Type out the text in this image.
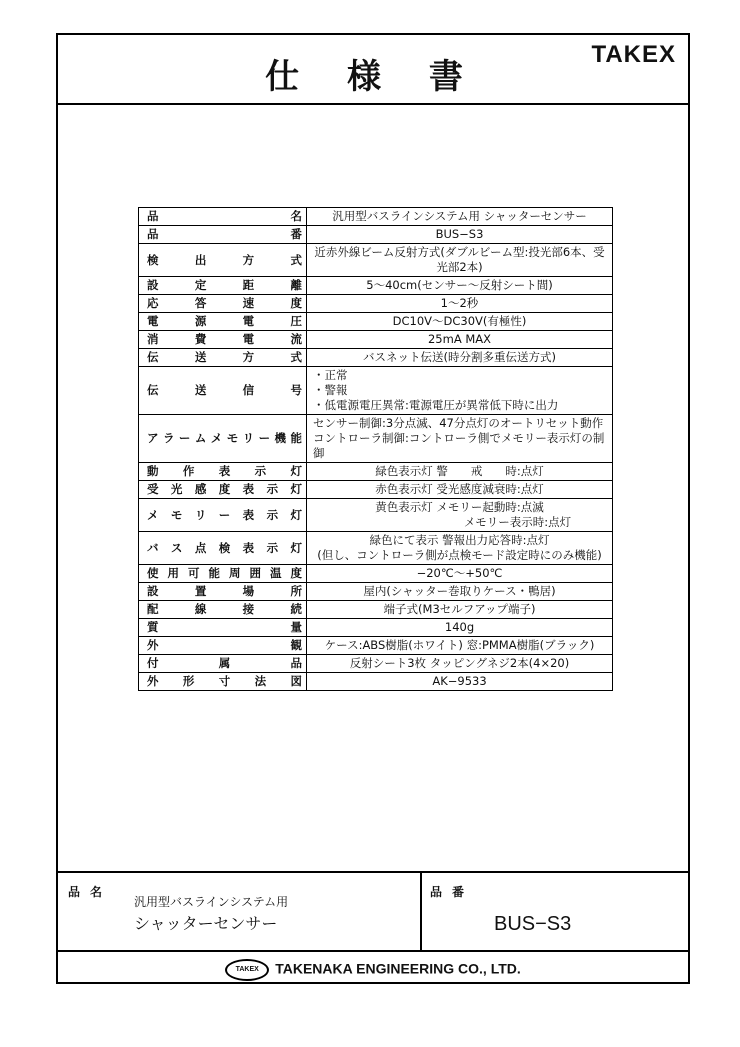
仕 様 書
TAKEX
品名	汎用型バスラインシステム用 シャッターセンサー

品番	BUS−S3

検出方式	近赤外線ビーム反射方式(ダブルビーム型:投光部6本、受光部2本)

設定距離	5〜40cm(センサー〜反射シート間)

応答速度	1〜2秒

電源電圧	DC10V〜DC30V(有極性)

消費電流	25mA MAX

伝送方式	バスネット伝送(時分割多重伝送方式)

伝送信号	・正常
・警報
・低電源電圧異常:電源電圧が異常低下時に出力

アラームメモリー機能	センサー制御:3分点滅、47分点灯のオートリセット動作
コントローラ制御:コントローラ側でメモリー表示灯の制御

動作表示灯	緑色表示灯 警　　戒　　時:点灯

受光感度表示灯	赤色表示灯 受光感度減衰時:点灯

メモリー表示灯	黄色表示灯 メモリー起動時:点滅
メモリー表示時:点灯

バス点検表示灯	緑色にて表示 警報出力応答時:点灯
(但し、コントローラ側が点検モード設定時にのみ機能)

使用可能周囲温度	−20℃〜+50℃

設置場所	屋内(シャッター巻取りケース・鴨居)

配線接続	端子式(M3セルフアップ端子)

質量	140g

外観	ケース:ABS樹脂(ホワイト) 窓:PMMA樹脂(ブラック)

付属品	反射シート3枚 タッピングネジ2本(4×20)

外形寸法図	AK−9533
品名
汎用型バスラインシステム用
シャッターセンサー
品番
BUS−S3
TAKEX TAKENAKA ENGINEERING CO., LTD.
